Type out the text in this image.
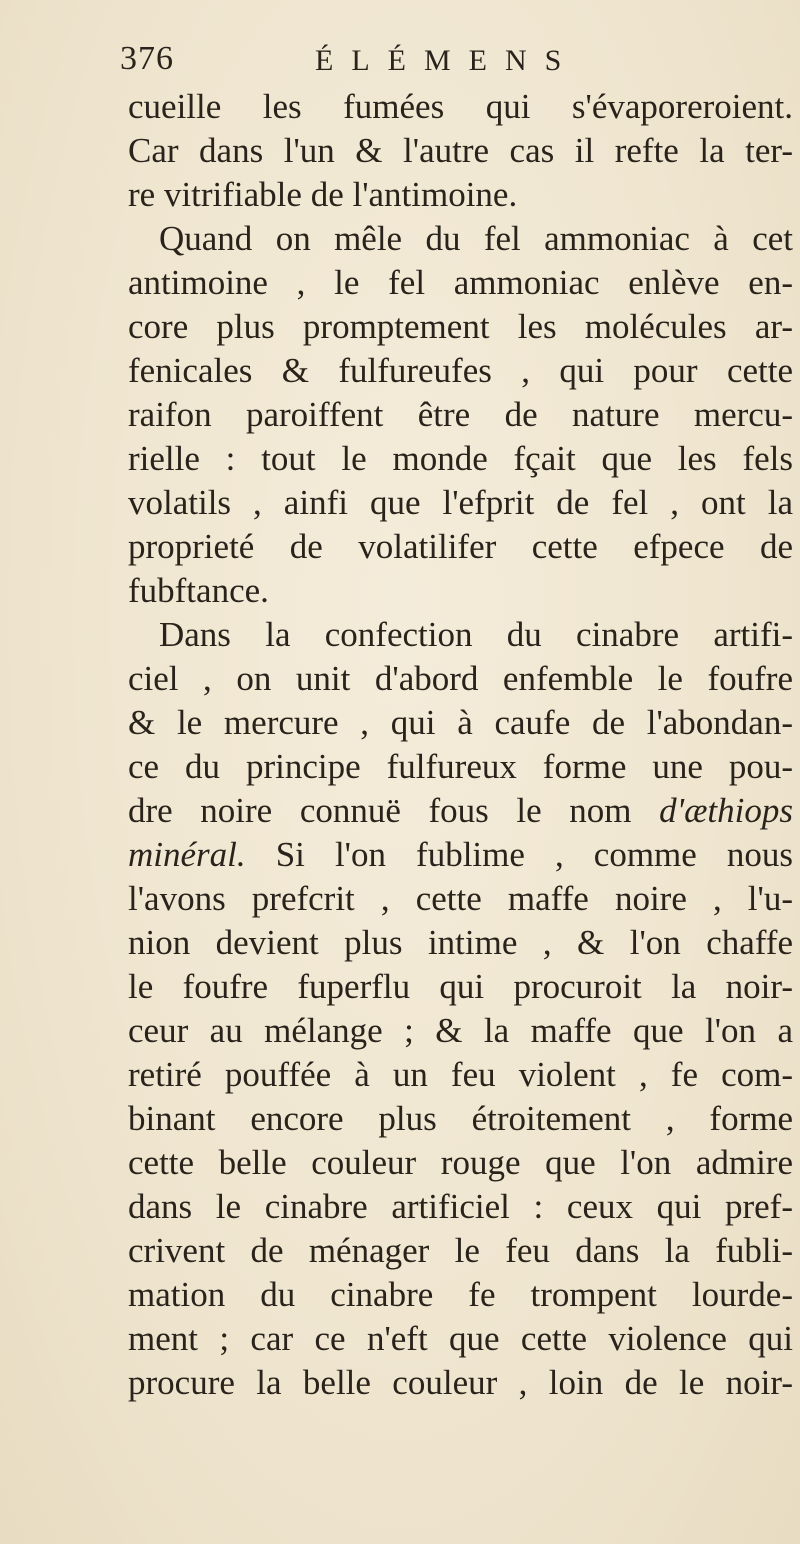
376	ÉLÉMENS
cueille les fumées qui s'évaporeroient.
Car dans l'un & l'autre cas il refte la ter-
re vitrifiable de l'antimoine.
Quand on mêle du fel ammoniac à cet
antimoine , le fel ammoniac enlève en-
core plus promptement les molécules ar-
fenicales & fulfureufes , qui pour cette
raifon paroiffent être de nature mercu-
rielle : tout le monde fçait que les fels
volatils , ainfi que l'efprit de fel , ont la
proprieté de volatilifer cette efpece de
fubftance.
Dans la confection du cinabre artifi-
ciel , on unit d'abord enfemble le foufre
& le mercure , qui à caufe de l'abondan-
ce du principe fulfureux forme une pou-
dre noire connuë fous le nom d'æthiops
minéral. Si l'on fublime , comme nous
l'avons prefcrit , cette maffe noire , l'u-
nion devient plus intime , & l'on chaffe
le foufre fuperflu qui procuroit la noir-
ceur au mélange ; & la maffe que l'on a
retiré pouffée à un feu violent , fe com-
binant encore plus étroitement , forme
cette belle couleur rouge que l'on admire
dans le cinabre artificiel : ceux qui pref-
crivent de ménager le feu dans la fubli-
mation du cinabre fe trompent lourde-
ment ; car ce n'eft que cette violence qui
procure la belle couleur , loin de le noir-
